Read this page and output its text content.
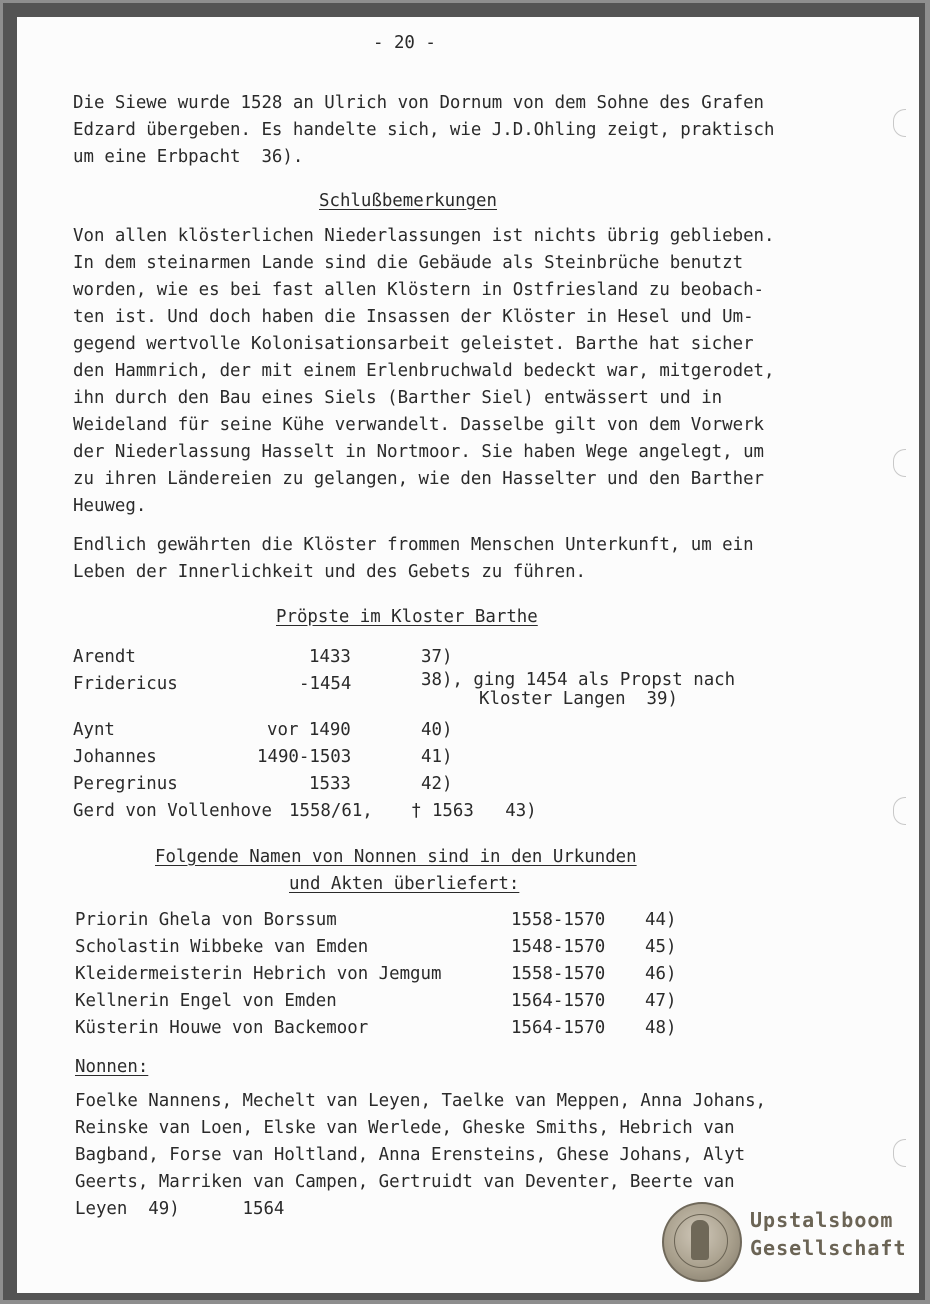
- 20 -
Die Siewe wurde 1528 an Ulrich von Dornum von dem Sohne des Grafen
Edzard übergeben. Es handelte sich, wie J.D.Ohling zeigt, praktisch
um eine Erbpacht  36).
Schlußbemerkungen
Von allen klösterlichen Niederlassungen ist nichts übrig geblieben.
In dem steinarmen Lande sind die Gebäude als Steinbrüche benutzt
worden, wie es bei fast allen Klöstern in Ostfriesland zu beobach-
ten ist. Und doch haben die Insassen der Klöster in Hesel und Um-
gegend wertvolle Kolonisationsarbeit geleistet. Barthe hat sicher
den Hammrich, der mit einem Erlenbruchwald bedeckt war, mitgerodet,
ihn durch den Bau eines Siels (Barther Siel) entwässert und in
Weideland für seine Kühe verwandelt. Dasselbe gilt von dem Vorwerk
der Niederlassung Hasselt in Nortmoor. Sie haben Wege angelegt, um
zu ihren Ländereien zu gelangen, wie den Hasselter und den Barther
Heuweg.
Endlich gewährten die Klöster frommen Menschen Unterkunft, um ein
Leben der Innerlichkeit und des Gebets zu führen.
Pröpste im Kloster Barthe
Arendt	1433	37)
Fridericus	-1454	38), ging 1454 als Propst nach
Kloster Langen  39)
Aynt	vor 1490	40)
Johannes	1490-1503	41)
Peregrinus	1533	42)
Gerd von Vollenhove 1558/61, † 1563   43)
Folgende Namen von Nonnen sind in den Urkunden
und Akten überliefert:
Priorin Ghela von Borssum	1558-1570 44)
Scholastin Wibbeke van Emden	1548-1570 45)
Kleidermeisterin Hebrich von Jemgum	1558-1570 46)
Kellnerin Engel von Emden	1564-1570 47)
Küsterin Houwe von Backemoor	1564-1570 48)
Nonnen:
Foelke Nannens, Mechelt van Leyen, Taelke van Meppen, Anna Johans,
Reinske van Loen, Elske van Werlede, Gheske Smiths, Hebrich van
Bagband, Forse van Holtland, Anna Erensteins, Ghese Johans, Alyt
Geerts, Marriken van Campen, Gertruidt van Deventer, Beerte van
Leyen  49)      1564	Upstalsboom
Gesellschaft
